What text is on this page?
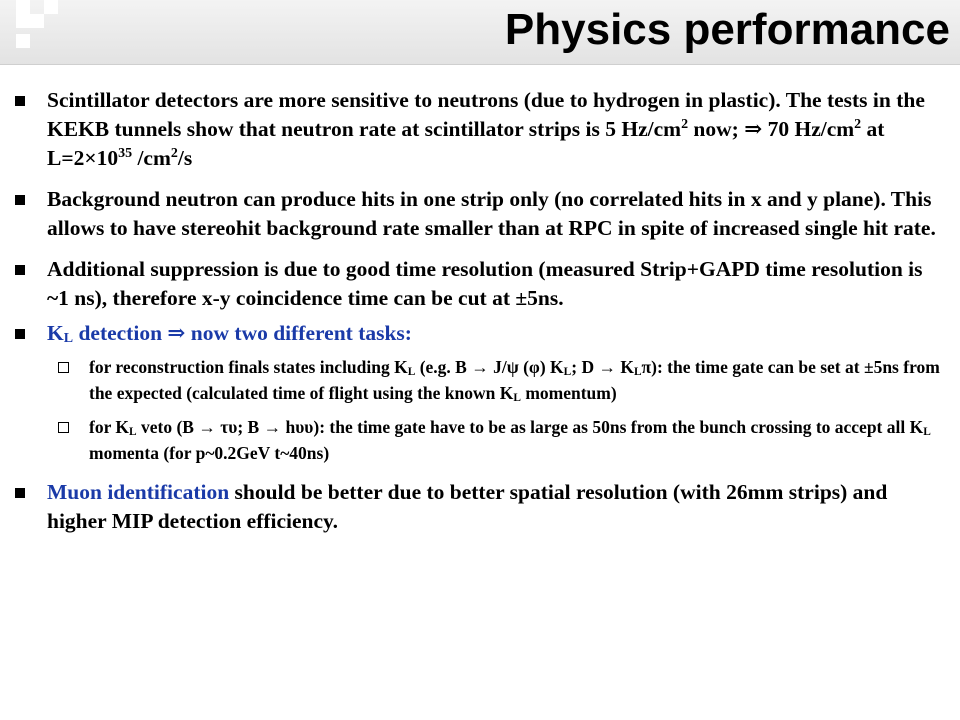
Physics performance
Scintillator detectors are more sensitive to neutrons (due to hydrogen in plastic). The tests in the KEKB tunnels show that neutron rate at scintillator strips is 5 $Hz/cm^2$ now; ⇒ 70 $Hz/cm^2$ at $L=2\times 10^{35}$ $/cm^2/s$
Background neutron can produce hits in one strip only (no correlated hits in x and y plane). This allows to have stereohit background rate smaller than at RPC in spite of increased single hit rate.
Additional suppression is due to good time resolution (measured Strip+GAPD time resolution is ~1 ns), therefore x-y coincidence time can be cut at ±5ns.
$K_L$ detection ⇒ now two different tasks:
for reconstruction finals states including $K_L$ (e.g. B → J/ψ (φ) $K_L$; $D \to K_L\pi$): the time gate can be set at ±5ns from the expected (calculated time of flight using the known $K_L$ momentum)
for $K_L$ veto (B → τυ; B → hυυ): the time gate have to be as large as 50ns from the bunch crossing to accept all $K_L$ momenta (for p~0.2GeV t~40ns)
Muon identification should be better due to better spatial resolution (with 26mm strips) and higher MIP detection efficiency.
